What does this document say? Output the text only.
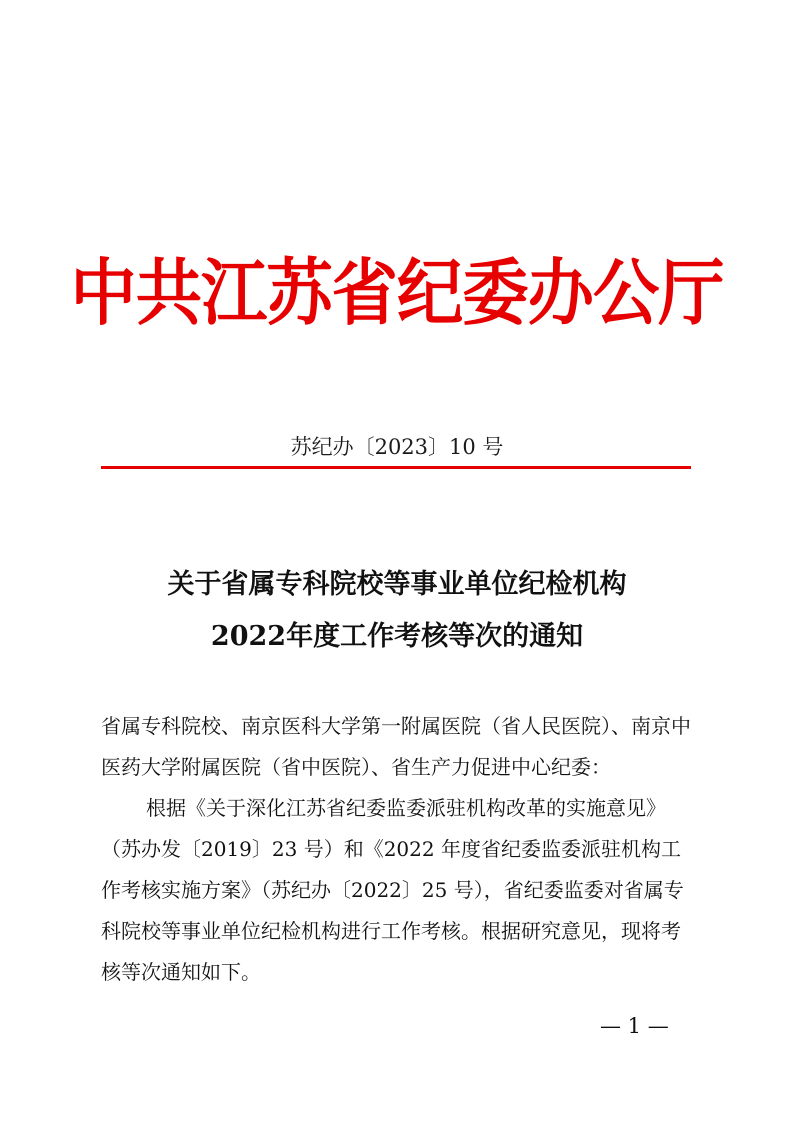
中共江苏省纪委办公厅
苏纪办〔2023〕10 号
关于省属专科院校等事业单位纪检机构
2022年度工作考核等次的通知
省属专科院校、南京医科大学第一附属医院（省人民医院）、南京中医药大学附属医院（省中医院）、省生产力促进中心纪委：
根据《关于深化江苏省纪委监委派驻机构改革的实施意见》（苏办发〔2019〕23 号）和《2022 年度省纪委监委派驻机构工作考核实施方案》（苏纪办〔2022〕25 号），省纪委监委对省属专科院校等事业单位纪检机构进行工作考核。根据研究意见，现将考核等次通知如下。
— 1 —
